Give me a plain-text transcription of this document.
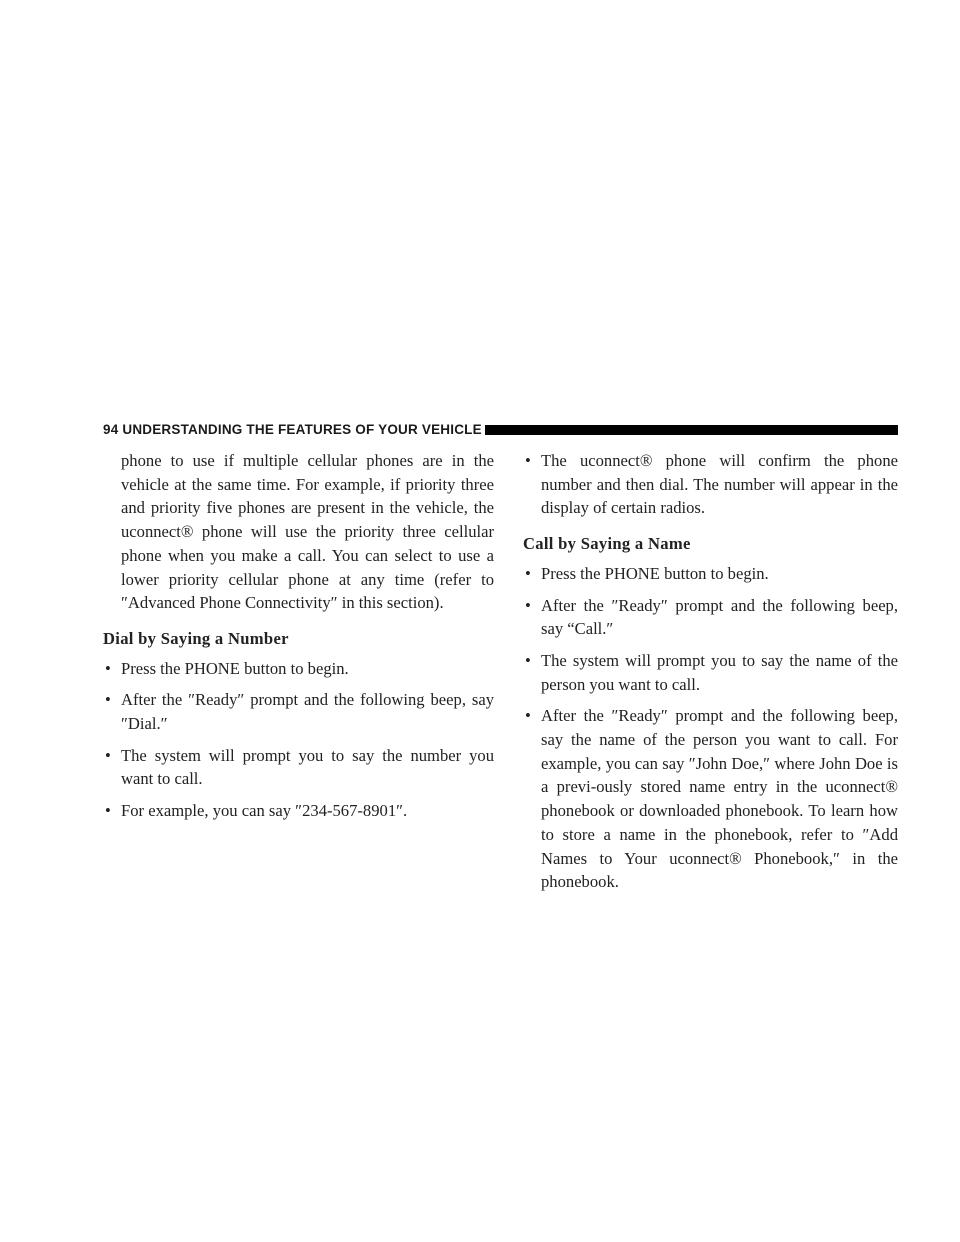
94 UNDERSTANDING THE FEATURES OF YOUR VEHICLE

phone to use if multiple cellular phones are in the vehicle at the same time. For example, if priority three and priority five phones are present in the vehicle, the uconnect® phone will use the priority three cellular phone when you make a call. You can select to use a lower priority cellular phone at any time (refer to ″Advanced Phone Connectivity″ in this section).

Dial by Saying a Number
• Press the PHONE button to begin.
• After the ″Ready″ prompt and the following beep, say ″Dial.″
• The system will prompt you to say the number you want to call.
• For example, you can say ″234-567-8901″.
• The uconnect® phone will confirm the phone number and then dial. The number will appear in the display of certain radios.
Call by Saying a Name
• Press the PHONE button to begin.
• After the ″Ready″ prompt and the following beep, say “Call.″
• The system will prompt you to say the name of the person you want to call.
• After the ″Ready″ prompt and the following beep, say the name of the person you want to call. For example, you can say ″John Doe,″ where John Doe is a previ-ously stored name entry in the uconnect® phonebook or downloaded phonebook. To learn how to store a name in the phonebook, refer to ″Add Names to Your uconnect® Phonebook,″ in the phonebook.
